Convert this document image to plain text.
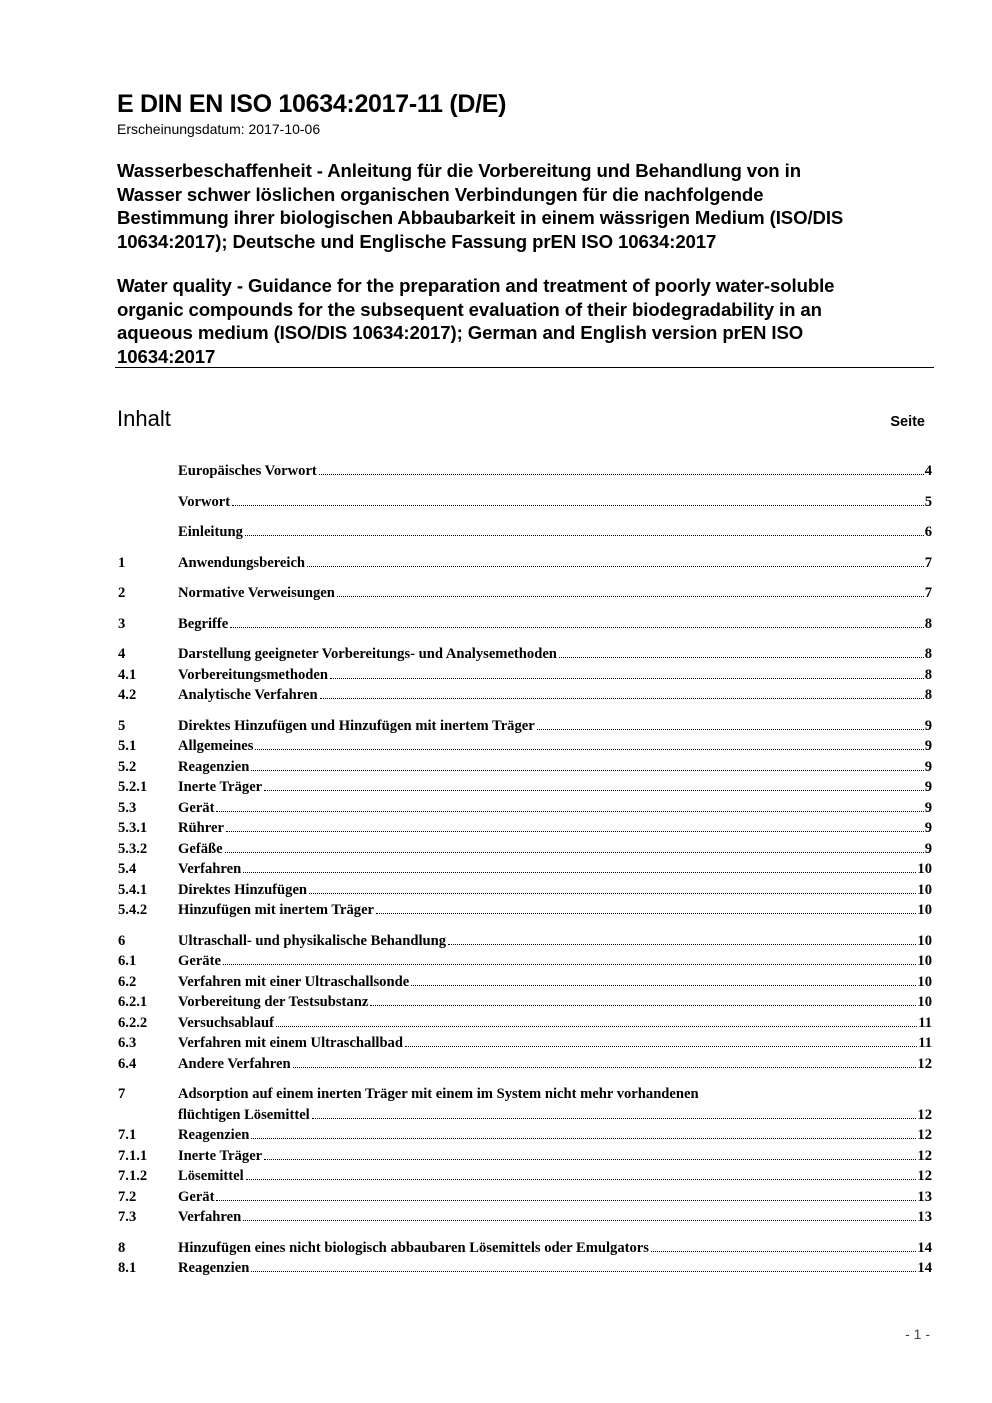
E DIN EN ISO 10634:2017-11 (D/E)
Erscheinungsdatum: 2017-10-06
Wasserbeschaffenheit - Anleitung für die Vorbereitung und Behandlung von in
Wasser schwer löslichen organischen Verbindungen für die nachfolgende
Bestimmung ihrer biologischen Abbaubarkeit in einem wässrigen Medium (ISO/DIS
10634:2017); Deutsche und Englische Fassung prEN ISO 10634:2017
Water quality - Guidance for the preparation and treatment of poorly water-soluble
organic compounds for the subsequent evaluation of their biodegradability in an
aqueous medium (ISO/DIS 10634:2017); German and English version prEN ISO
10634:2017
Inhalt	Seite
Europäisches Vorwort	4
Vorwort	5
Einleitung	6
1	Anwendungsbereich	7
2	Normative Verweisungen	7
3	Begriffe	8
4	Darstellung geeigneter Vorbereitungs- und Analysemethoden	8
4.1	Vorbereitungsmethoden	8
4.2	Analytische Verfahren	8
5	Direktes Hinzufügen und Hinzufügen mit inertem Träger	9
5.1	Allgemeines	9
5.2	Reagenzien	9
5.2.1	Inerte Träger	9
5.3	Gerät	9
5.3.1	Rührer	9
5.3.2	Gefäße	9
5.4	Verfahren	10
5.4.1	Direktes Hinzufügen	10
5.4.2	Hinzufügen mit inertem Träger	10
6	Ultraschall- und physikalische Behandlung	10
6.1	Geräte	10
6.2	Verfahren mit einer Ultraschallsonde	10
6.2.1	Vorbereitung der Testsubstanz	10
6.2.2	Versuchsablauf	11
6.3	Verfahren mit einem Ultraschallbad	11
6.4	Andere Verfahren	12
7	Adsorption auf einem inerten Träger mit einem im System nicht mehr vorhandenen
flüchtigen Lösemittel	12
7.1	Reagenzien	12
7.1.1	Inerte Träger	12
7.1.2	Lösemittel	12
7.2	Gerät	13
7.3	Verfahren	13
8	Hinzufügen eines nicht biologisch abbaubaren Lösemittels oder Emulgators	14
8.1	Reagenzien	14
- 1 -
